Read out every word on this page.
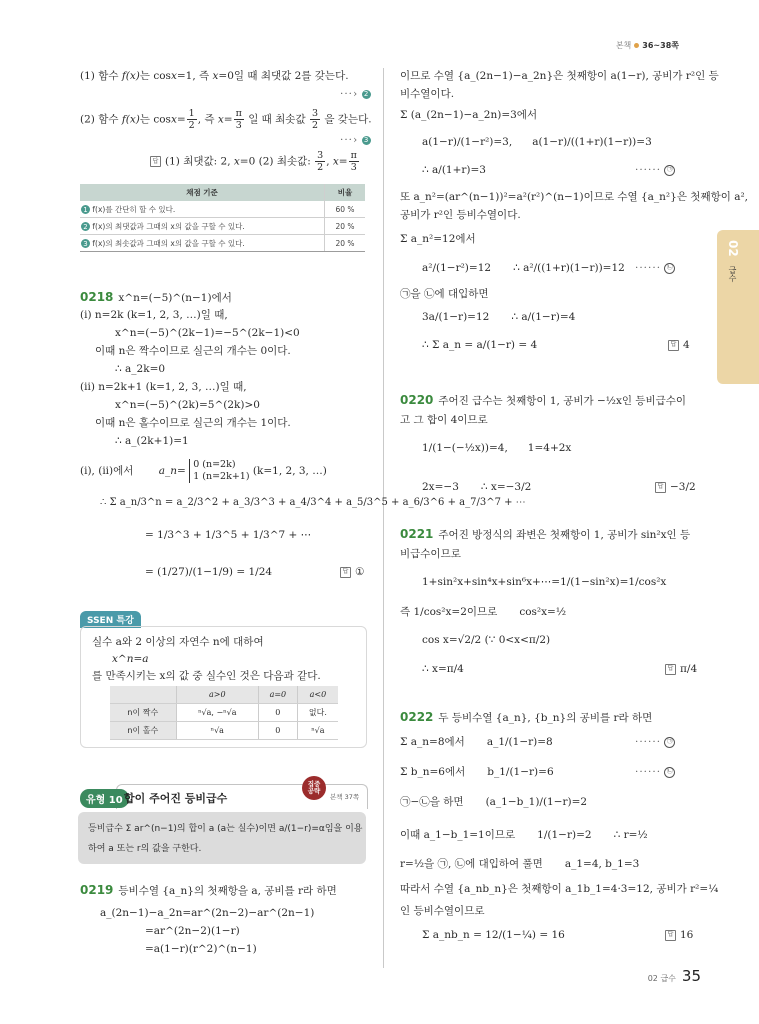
본책 36~38쪽
02
급수
(1) 함수 f(x)는 cosx=1, 즉 x=0일 때 최댓값 2를 갖는다.
···› 2
(2) 함수 f(x)는 $\cos x= \frac{1}{2}$ , 즉 $x= \frac{\pi}{3}$ 일 때 최솟값 $\frac{3}{2}$ 을 갖는다.
···› 3
답 (1) 최댓값: 2, x=0 (2) 최솟값: $\frac{3}{2}$ , $x= \frac{\pi}{3}$
채점 기준	비율
1 f(x)를 간단히 할 수 있다.	60 %
2 f(x)의 최댓값과 그때의 x의 값을 구할 수 있다.	20 %
3 f(x)의 최솟값과 그때의 x의 값을 구할 수 있다.	20 %
0218 x^n=(−5)^(n−1)에서
(i) n=2k (k=1, 2, 3, …)일 때,
x^n=(−5)^(2k−1)=−5^(2k−1)<0
이때 n은 짝수이므로 실근의 개수는 0이다.
∴ a_2k=0
(ii) n=2k+1 (k=1, 2, 3, …)일 때,
x^n=(−5)^(2k)=5^(2k)>0
이때 n은 홀수이므로 실근의 개수는 1이다.
∴ a_(2k+1)=1
(i), (ii)에서 a_n=
0 (n=2k)
1 (n=2k+1) (k=1, 2, 3, …)
∴ Σ a_n/3^n = a_2/3^2 + a_3/3^3 + a_4/3^4 + a_5/3^5 + a_6/3^6 + a_7/3^7 + ⋯
= 1/3^3 + 1/3^5 + 1/3^7 + ⋯
= (1/27)/(1−1/9) = 1/24	답 ①
SSEN 특강
실수 a와 2 이상의 자연수 n에 대하여
x^n=a
를 만족시키는 x의 값 중 실수인 것은 다음과 같다.
	a>0	a=0	a<0
n이 짝수	ⁿ√a, −ⁿ√a	0	없다.
n이 홀수	ⁿ√a	0	ⁿ√a
유형 10 합이 주어진 등비급수
집중
공략
본책 37쪽
등비급수 Σ ar^(n−1)의 합이 a (a는 실수)이면 a/(1−r)=α임을 이용
하여 a 또는 r의 값을 구한다.
0219 등비수열 {a_n}의 첫째항을 a, 공비를 r라 하면
a_(2n−1)−a_2n=ar^(2n−2)−ar^(2n−1)
=ar^(2n−2)(1−r)
=a(1−r)(r^2)^(n−1)
이므로 수열 {a_(2n−1)−a_2n}은 첫째항이 a(1−r), 공비가 r²인 등
비수열이다.
Σ (a_(2n−1)−a_2n)=3에서
a(1−r)/(1−r²)=3, a(1−r)/((1+r)(1−r))=3
∴ a/(1+r)=3	······ ㉠
또 a_n²=(ar^(n−1))²=a²(r²)^(n−1)이므로 수열 {a_n²}은 첫째항이 a²,
공비가 r²인 등비수열이다.
Σ a_n²=12에서
a²/(1−r²)=12 ∴ a²/((1+r)(1−r))=12 ······ ㉡
㉠을 ㉡에 대입하면
3a/(1−r)=12 ∴ a/(1−r)=4
∴ Σ a_n = a/(1−r) = 4	답 4
0220 주어진 급수는 첫째항이 1, 공비가 −½x인 등비급수이
고 그 합이 4이므로
1/(1−(−½x))=4, 1=4+2x
2x=−3 ∴ x=−3/2	답 −3/2
0221 주어진 방정식의 좌변은 첫째항이 1, 공비가 sin²x인 등
비급수이므로
1+sin²x+sin⁴x+sin⁶x+⋯=1/(1−sin²x)=1/cos²x
즉 1/cos²x=2이므로 cos²x=½
cos x=√2/2 (∵ 0<x<π/2)
∴ x=π/4	답 π/4
0222 두 등비수열 {a_n}, {b_n}의 공비를 r라 하면
Σ a_n=8에서 a_1/(1−r)=8	······ ㉠
Σ b_n=6에서 b_1/(1−r)=6	······ ㉡
㉠−㉡을 하면 (a_1−b_1)/(1−r)=2
이때 a_1−b_1=1이므로 1/(1−r)=2 ∴ r=½
r=½을 ㉠, ㉡에 대입하여 풀면 a_1=4, b_1=3
따라서 수열 {a_nb_n}은 첫째항이 a_1b_1=4·3=12, 공비가 r²=¼
인 등비수열이므로
Σ a_nb_n = 12/(1−¼) = 16	답 16
02 급수 35
